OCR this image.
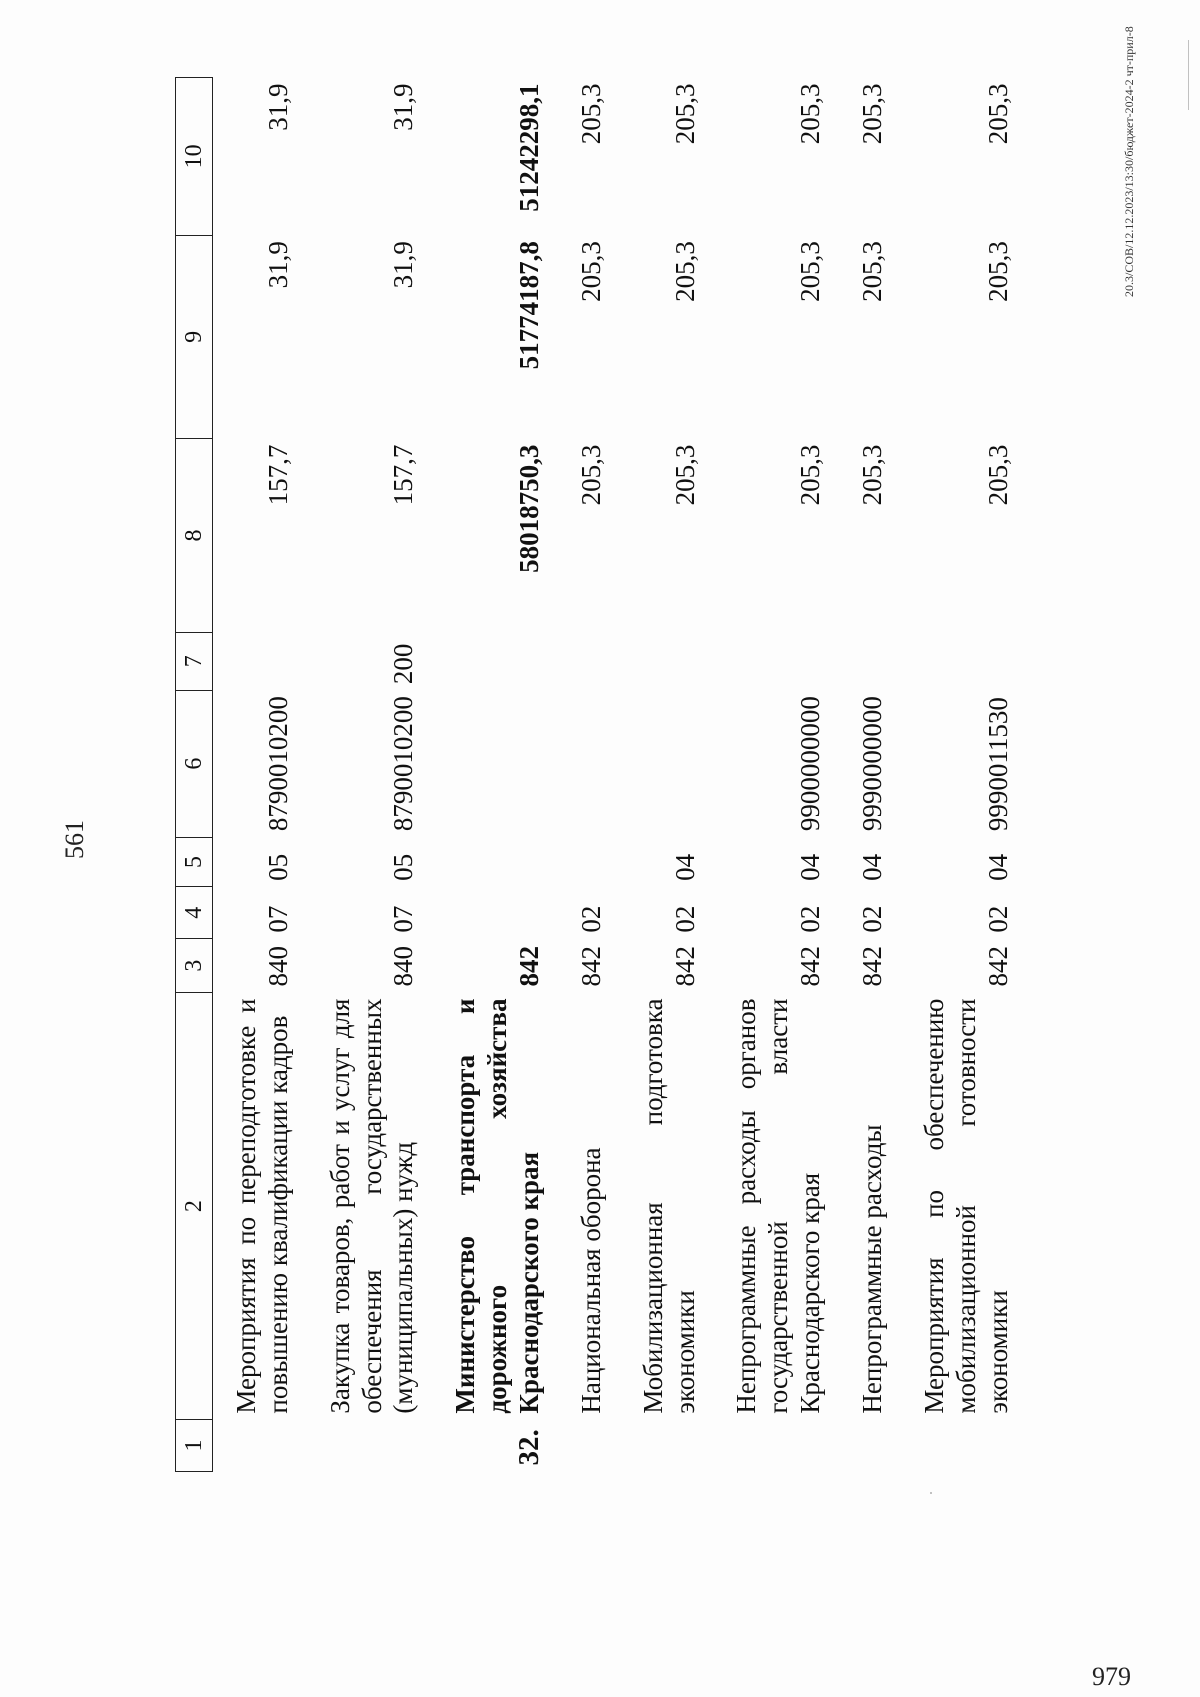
979
561
20.3/СОВ/12.12.2023/13:30/бюджет-2024-2 чт-прил-8
1	2	3	4	5	6	7	8	9	10
	Мероприятия по переподготовке и повышению квалификации кадров	840	07	05	8790010200		157,7	31,9	31,9
	Закупка товаров, работ и услуг для обеспечения государственных (муниципальных) нужд	840	07	05	8790010200	200	157,7	31,9	31,9
32.	Министерство транспорта и дорожного хозяйства Краснодарского края	842					58018750,3	51774187,8	51242298,1
	Национальная оборона	842	02				205,3	205,3	205,3
	Мобилизационная подготовка экономики	842	02	04			205,3	205,3	205,3
	Непрограммные расходы органов государственной власти Краснодарского края	842	02	04	9900000000		205,3	205,3	205,3
	Непрограммные расходы	842	02	04	9990000000		205,3	205,3	205,3
	Мероприятия по обеспечению мобилизационной готовности экономики	842	02	04	9990011530		205,3	205,3	205,3
